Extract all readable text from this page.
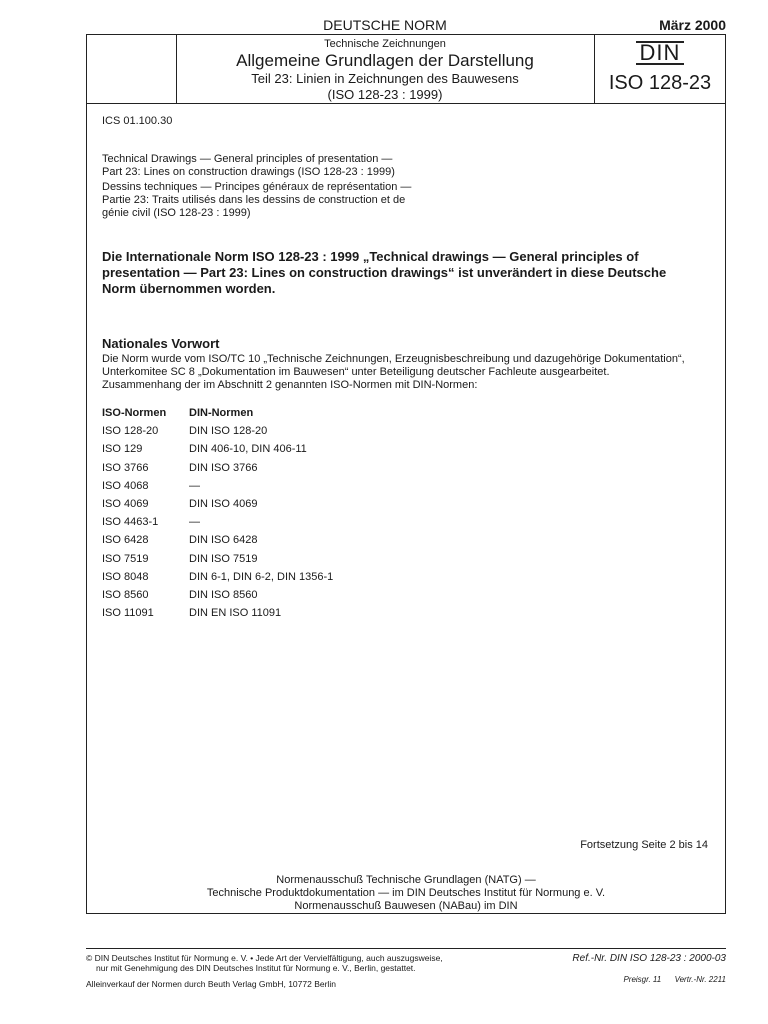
DEUTSCHE NORM	März 2000
Technische Zeichnungen
Allgemeine Grundlagen der Darstellung
Teil 23: Linien in Zeichnungen des Bauwesens
(ISO 128-23 : 1999)
DIN
ISO 128-23
ICS 01.100.30
Technical Drawings — General principles of presentation —
Part 23: Lines on construction drawings (ISO 128-23 : 1999)
Dessins techniques — Principes généraux de représentation —
Partie 23: Traits utilisés dans les dessins de construction et de
génie civil (ISO 128-23 : 1999)
Die Internationale Norm ISO 128-23 : 1999 „Technical drawings — General principles of
presentation — Part 23: Lines on construction drawings“ ist unverändert in diese Deutsche
Norm übernommen worden.
Nationales Vorwort
Die Norm wurde vom ISO/TC 10 „Technische Zeichnungen, Erzeugnisbeschreibung und dazugehörige Dokumentation“,
Unterkomitee SC 8 „Dokumentation im Bauwesen“ unter Beteiligung deutscher Fachleute ausgearbeitet.
Zusammenhang der im Abschnitt 2 genannten ISO-Normen mit DIN-Normen:
ISO-Normen	DIN-Normen
ISO 128-20	DIN ISO 128-20
ISO 129	DIN 406-10, DIN 406-11
ISO 3766	DIN ISO 3766
ISO 4068	—
ISO 4069	DIN ISO 4069
ISO 4463-1	—
ISO 6428	DIN ISO 6428
ISO 7519	DIN ISO 7519
ISO 8048	DIN 6-1, DIN 6-2, DIN 1356-1
ISO 8560	DIN ISO 8560
ISO 11091	DIN EN ISO 11091
Fortsetzung Seite 2 bis 14
Normenausschuß Technische Grundlagen (NATG) —
Technische Produktdokumentation — im DIN Deutsches Institut für Normung e. V.
Normenausschuß Bauwesen (NABau) im DIN
© DIN Deutsches Institut für Normung e. V. • Jede Art der Vervielfältigung, auch auszugsweise,
nur mit Genehmigung des DIN Deutsches Institut für Normung e. V., Berlin, gestattet.
Ref.-Nr. DIN ISO 128-23 : 2000-03
Preisgr. 11      Vertr.-Nr. 2211
Alleinverkauf der Normen durch Beuth Verlag GmbH, 10772 Berlin
